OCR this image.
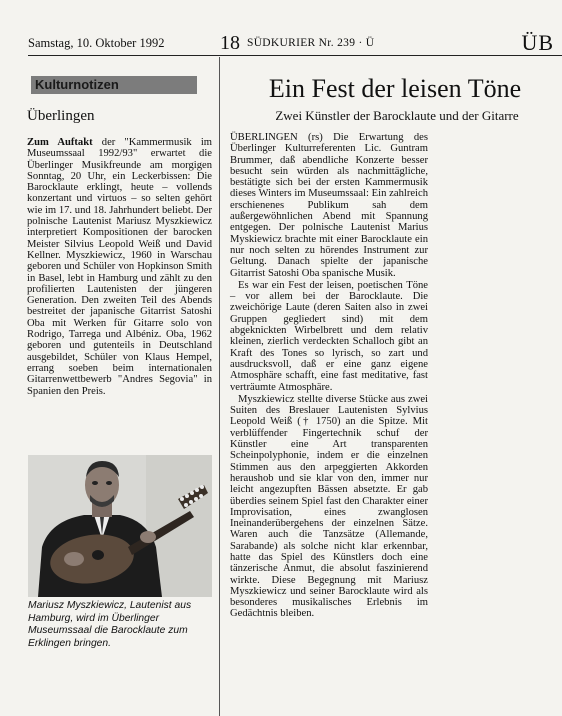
Samstag, 10. Oktober 1992	18 SÜDKURIER Nr. 239 · Ü	ÜB
Kulturnotizen
Überlingen
Zum Auftakt der "Kammermusik im Museumssaal 1992/93" erwartet die Überlinger Musikfreunde am morgigen Sonntag, 20 Uhr, ein Leckerbissen: Die Barocklaute erklingt, heute – vollends konzertant und virtuos – so selten gehört wie im 17. und 18. Jahrhundert beliebt. Der polnische Lautenist Mariusz Myszkiewicz interpretiert Kompositionen der barocken Meister Silvius Leopold Weiß und David Kellner. Myszkiewicz, 1960 in Warschau geboren und Schüler von Hopkinson Smith in Basel, lebt in Hamburg und zählt zu den profilierten Lautenisten der jüngeren Generation. Den zweiten Teil des Abends bestreitet der japanische Gitarrist Satoshi Oba mit Werken für Gitarre solo von Rodrigo, Tarrega und Albéniz. Oba, 1962 geboren und gutenteils in Deutschland ausgebildet, Schüler von Klaus Hempel, errang soeben beim internationalen Gitarrenwettbewerb "Andres Segovia" in Spanien den Preis.
Mariusz Myszkiewicz, Lautenist aus Hamburg, wird im Überlinger Museumssaal die Barocklaute zum Erklingen bringen.
Ein Fest der leisen Töne
Zwei Künstler der Barocklaute und der Gitarre

ÜBERLINGEN (rs) Die Erwartung des Überlinger Kulturreferenten Lic. Guntram Brummer, daß abendliche Konzerte besser besucht sein würden als nachmittägliche, bestätigte sich bei der ersten Kammermusik dieses Winters im Museumssaal: Ein zahlreich erschienenes Publikum sah dem außergewöhnlichen Abend mit Spannung entgegen. Der polnische Lautenist Marius Myskiewicz brachte mit einer Barocklaute ein nur noch selten zu hörendes Instrument zur Geltung. Danach spielte der japanische Gitarrist Satoshi Oba spanische Musik.

Es war ein Fest der leisen, poetischen Töne – vor allem bei der Barocklaute. Die zweichörige Laute (deren Saiten also in zwei Gruppen gegliedert sind) mit dem abgeknickten Wirbelbrett und dem relativ kleinen, zierlich verdeckten Schalloch gibt an Kraft des Tones so lyrisch, so zart und ausdrucksvoll, daß er eine ganz eigene Atmosphäre schafft, eine fast meditative, fast verträumte Atmosphäre.

Myszkiewicz stellte diverse Stücke aus zwei Suiten des Breslauer Lautenisten Sylvius Leopold Weiß († 1750) an die Spitze. Mit verblüffender Fingertechnik schuf der Künstler eine Art transparenten Scheinpolyphonie, indem er die einzelnen Stimmen aus den arpeggierten Akkorden heraushob und sie klar von den, immer nur leicht angezupften Bässen absetzte. Er gab überdies seinem Spiel fast den Charakter einer Improvisation, eines zwanglosen Ineinanderübergehens der einzelnen Sätze. Waren auch die Tanzsätze (Allemande, Sarabande) als solche nicht klar erkennbar, hatte das Spiel des Künstlers doch eine tänzerische Anmut, die absolut faszinierend wirkte. Diese Begegnung mit Mariusz Myszkiewicz und seiner Barocklaute wird als besonderes musikalisches Erlebnis im Gedächtnis bleiben.
